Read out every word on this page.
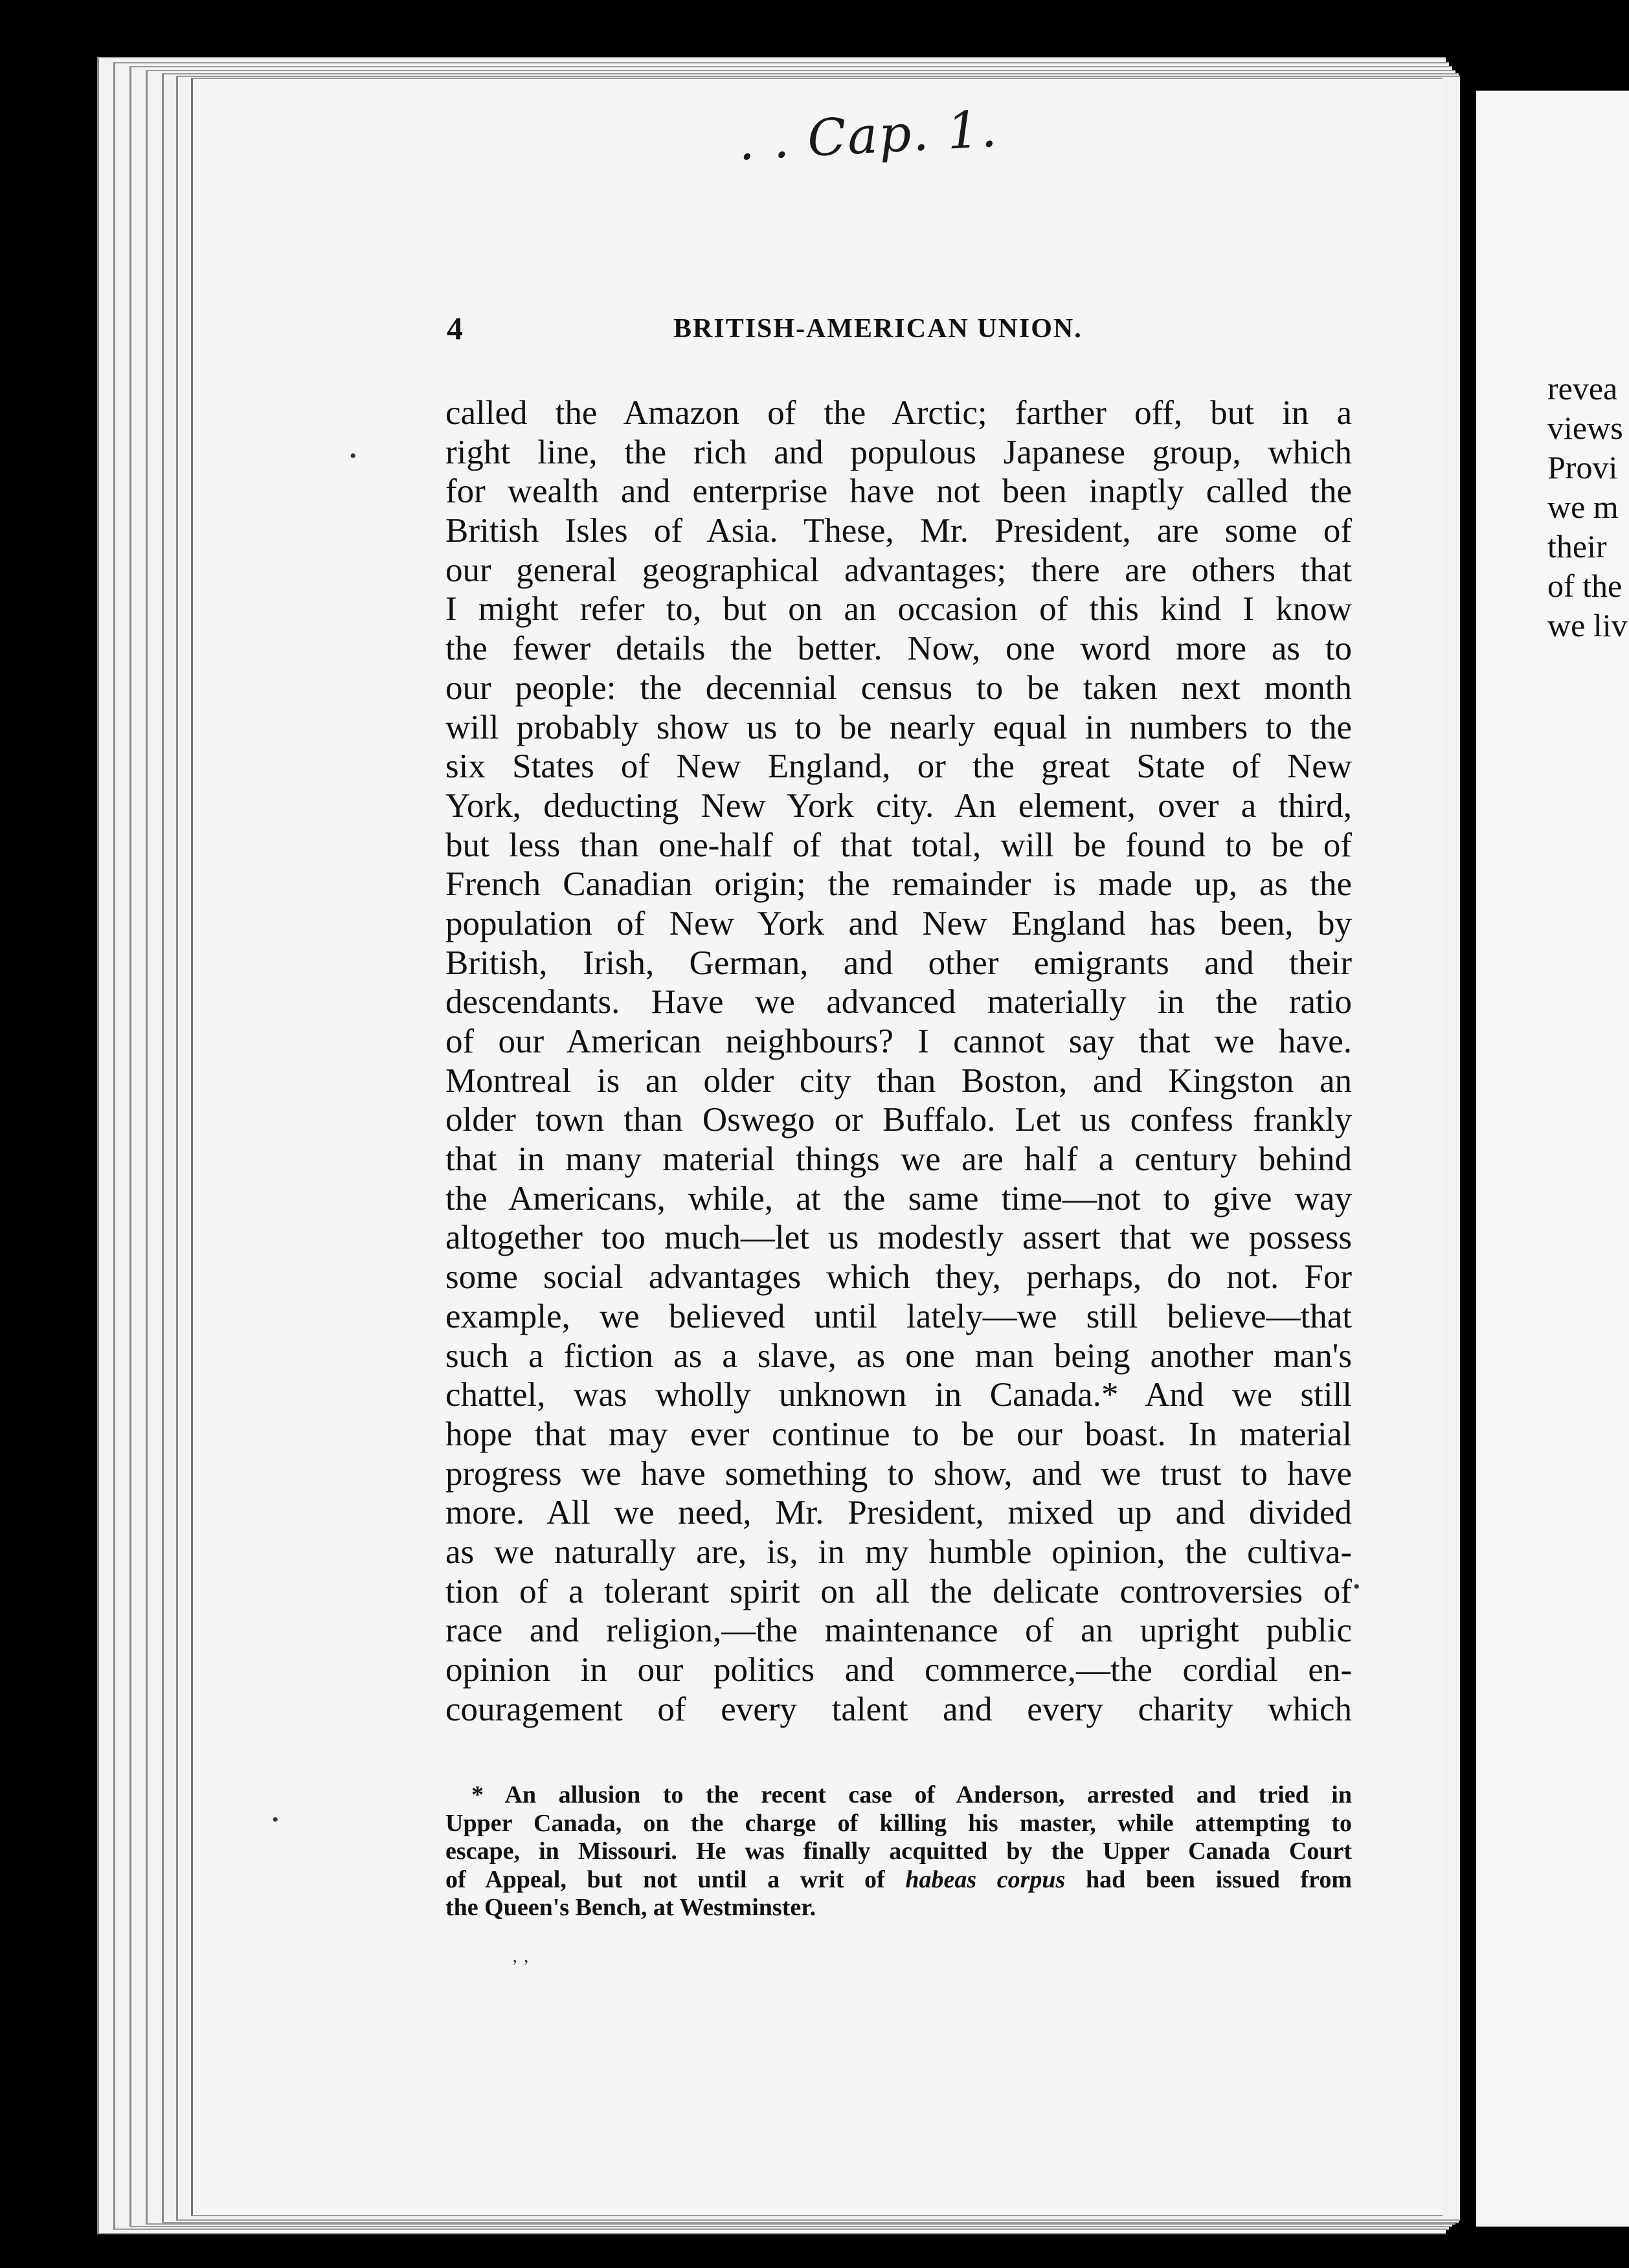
revea
views
Provi
we m
their
of the
we liv
. . Cap. 1.
4	BRITISH-AMERICAN UNION.
called the Amazon of the Arctic; farther off, but in a
right line, the rich and populous Japanese group, which
for wealth and enterprise have not been inaptly called the
British Isles of Asia. These, Mr. President, are some of
our general geographical advantages; there are others that
I might refer to, but on an occasion of this kind I know
the fewer details the better. Now, one word more as to
our people: the decennial census to be taken next month
will probably show us to be nearly equal in numbers to the
six States of New England, or the great State of New
York, deducting New York city. An element, over a third,
but less than one-half of that total, will be found to be of
French Canadian origin; the remainder is made up, as the
population of New York and New England has been, by
British, Irish, German, and other emigrants and their
descendants. Have we advanced materially in the ratio
of our American neighbours? I cannot say that we have.
Montreal is an older city than Boston, and Kingston an
older town than Oswego or Buffalo. Let us confess frankly
that in many material things we are half a century behind
the Americans, while, at the same time—not to give way
altogether too much—let us modestly assert that we possess
some social advantages which they, perhaps, do not. For
example, we believed until lately—we still believe—that
such a fiction as a slave, as one man being another man's
chattel, was wholly unknown in Canada.* And we still
hope that may ever continue to be our boast. In material
progress we have something to show, and we trust to have
more. All we need, Mr. President, mixed up and divided
as we naturally are, is, in my humble opinion, the cultiva-
tion of a tolerant spirit on all the delicate controversies of
race and religion,—the maintenance of an upright public
opinion in our politics and commerce,—the cordial en-
couragement of every talent and every charity which
* An allusion to the recent case of Anderson, arrested and tried in
Upper Canada, on the charge of killing his master, while attempting to
escape, in Missouri. He was finally acquitted by the Upper Canada Court
of Appeal, but not until a writ of habeas corpus had been issued from
the Queen's Bench, at Westminster.
•
•
•
‚ ‚
